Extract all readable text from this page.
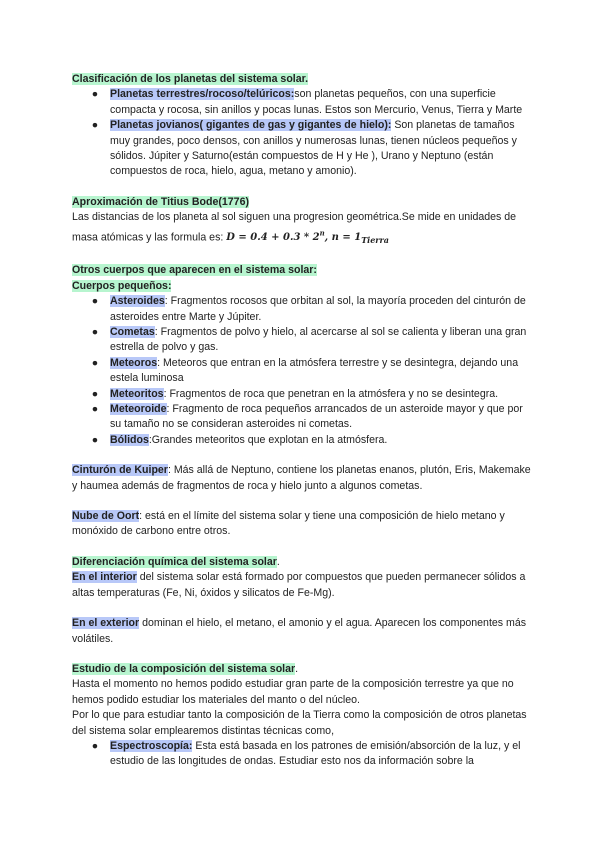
Clasificación de los planetas del sistema solar.

● Planetas terrestres/rocoso/telúricos:son planetas pequeños, con una superficie compacta y rocosa, sin anillos y pocas lunas. Estos son Mercurio, Venus, Tierra y Marte
● Planetas jovianos( gigantes de gas y gigantes de hielo): Son planetas de tamaños muy grandes, poco densos, con anillos y numerosas lunas, tienen núcleos pequeños y sólidos. Júpiter y Saturno(están compuestos de H y He ), Urano y Neptuno (están compuestos de roca, hielo, agua, metano y amonio).

Aproximación de Titius Bode(1776)

Las distancias de los planeta al sol siguen una progresion geométrica.Se mide en unidades de masa atómicas y las formula es: D = 0.4 + 0.3 * 2$^n$, $n = 1_{Tierra}$

Otros cuerpos que aparecen en el sistema solar:

Cuerpos pequeños:

● Asteroides: Fragmentos rocosos que orbitan al sol, la mayoría proceden del cinturón de asteroides entre Marte y Júpiter.
● Cometas: Fragmentos de polvo y hielo, al acercarse al sol se calienta y liberan una gran estrella de polvo y gas.
● Meteoros: Meteoros que entran en la atmósfera terrestre y se desintegra, dejando una estela luminosa
● Meteoritos: Fragmentos de roca que penetran en la atmósfera y no se desintegra.
● Meteoroide: Fragmento de roca pequeños arrancados de un asteroide mayor y que por su tamaño no se consideran asteroides ni cometas.
● Bólidos:Grandes meteoritos que explotan en la atmósfera.

Cinturón de Kuiper: Más allá de Neptuno, contiene los planetas enanos, plutón, Eris, Makemake y haumea además de fragmentos de roca y hielo junto a algunos cometas.

Nube de Oort: está en el límite del sistema solar y tiene una composición de hielo metano y monóxido de carbono entre otros.

Diferenciación química del sistema solar.

En el interior del sistema solar está formado por compuestos que pueden permanecer sólidos a altas temperaturas (Fe, Ni, óxidos y silicatos de Fe-Mg).

En el exterior dominan el hielo, el metano, el amonio y el agua. Aparecen los componentes más volátiles.

Estudio de la composición del sistema solar.

Hasta el momento no hemos podido estudiar gran parte de la composición terrestre ya que no hemos podido estudiar los materiales del manto o del núcleo.

Por lo que para estudiar tanto la composición de la Tierra como la composición de otros planetas del sistema solar emplearemos distintas técnicas como,

● Espectroscopía: Esta está basada en los patrones de emisión/absorción de la luz, y el estudio de las longitudes de ondas. Estudiar esto nos da información sobre la
